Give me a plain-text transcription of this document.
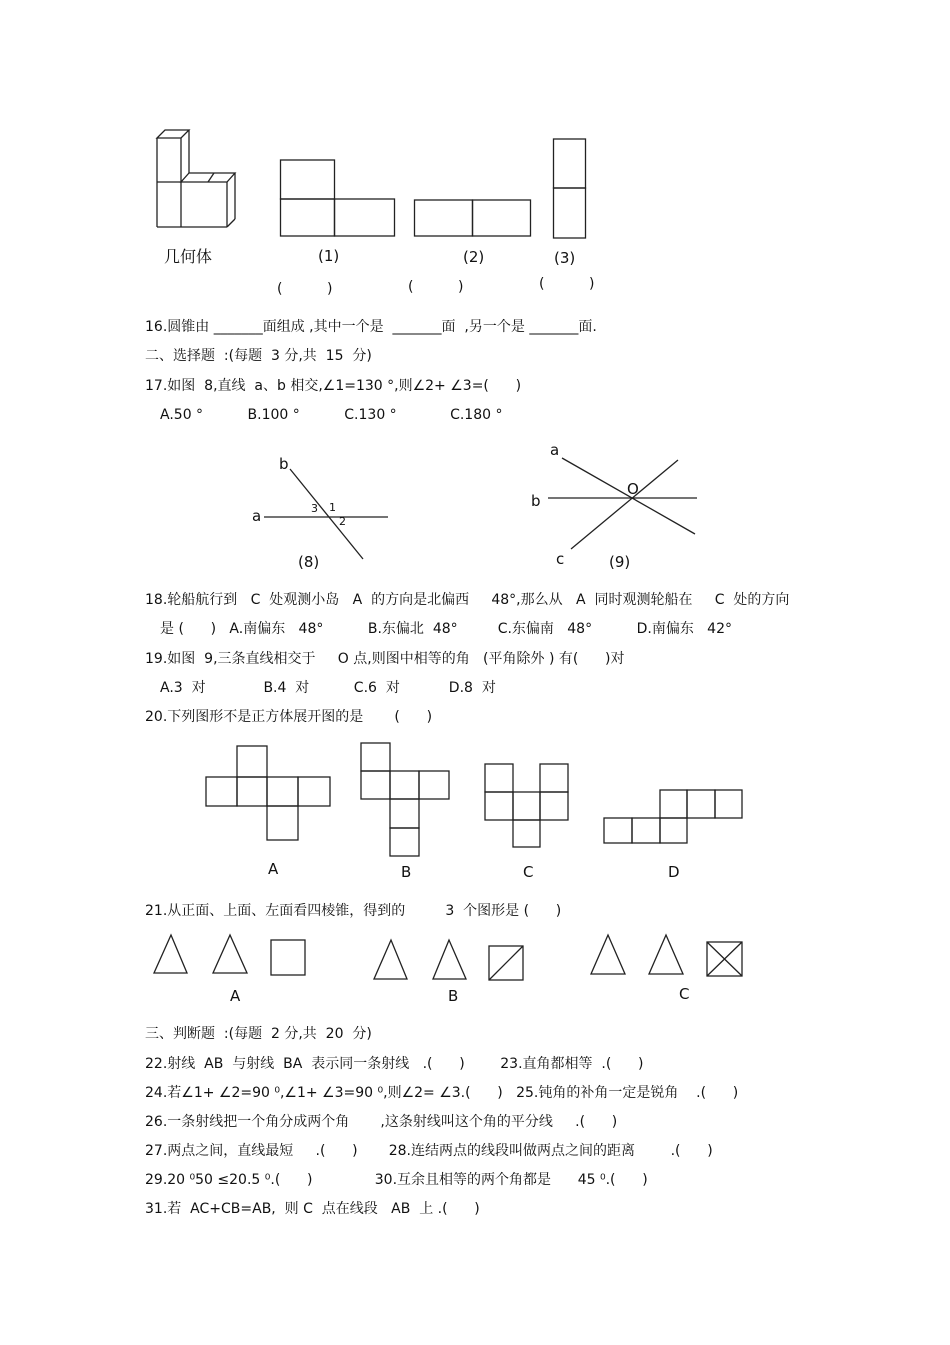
几何体	(1)	(2)	(3)
(          )	(          )	(          )
16.圆锥由 _______面组成 ,其中一个是  _______面  ,另一个是 _______面.
二、选择题  :(每题  3 分,共  15  分)
17.如图  8,直线  a、b 相交,∠1=130 °,则∠2+ ∠3=(      )
A.50 °          B.100 °          C.130 °            C.180 °
b
a	3 1
2
(8)
a
b
O
c	(9)
18.轮船航行到   C  处观测小岛   A  的方向是北偏西     48°,那么从   A  同时观测轮船在     C  处的方向
是 (      )   A.南偏东   48°          B.东偏北  48°         C.东偏南   48°          D.南偏东   42°
19.如图  9,三条直线相交于     O 点,则图中相等的角   (平角除外 ) 有(      )对
A.3  对             B.4  对          C.6  对           D.8  对
20.下列图形不是正方体展开图的是       (      )
A	B	C	D
21.从正面、上面、左面看四棱锥，得到的         3  个图形是 (      )
A	B	C
三、判断题  :(每题  2 分,共  20  分)
22.射线  AB  与射线  BA  表示同一条射线   .(      )        23.直角都相等  .(      )
24.若∠1+ ∠2=90 ⁰,∠1+ ∠3=90 ⁰,则∠2= ∠3.(      )   25.钝角的补角一定是锐角    .(      )
26.一条射线把一个角分成两个角       ,这条射线叫这个角的平分线     .(      )
27.两点之间，直线最短     .(      )       28.连结两点的线段叫做两点之间的距离        .(      )
29.20 ⁰50 ≤20.5 ⁰.(      )              30.互余且相等的两个角都是      45 ⁰.(      )
31.若  AC+CB=AB,  则 C  点在线段   AB  上 .(      )
